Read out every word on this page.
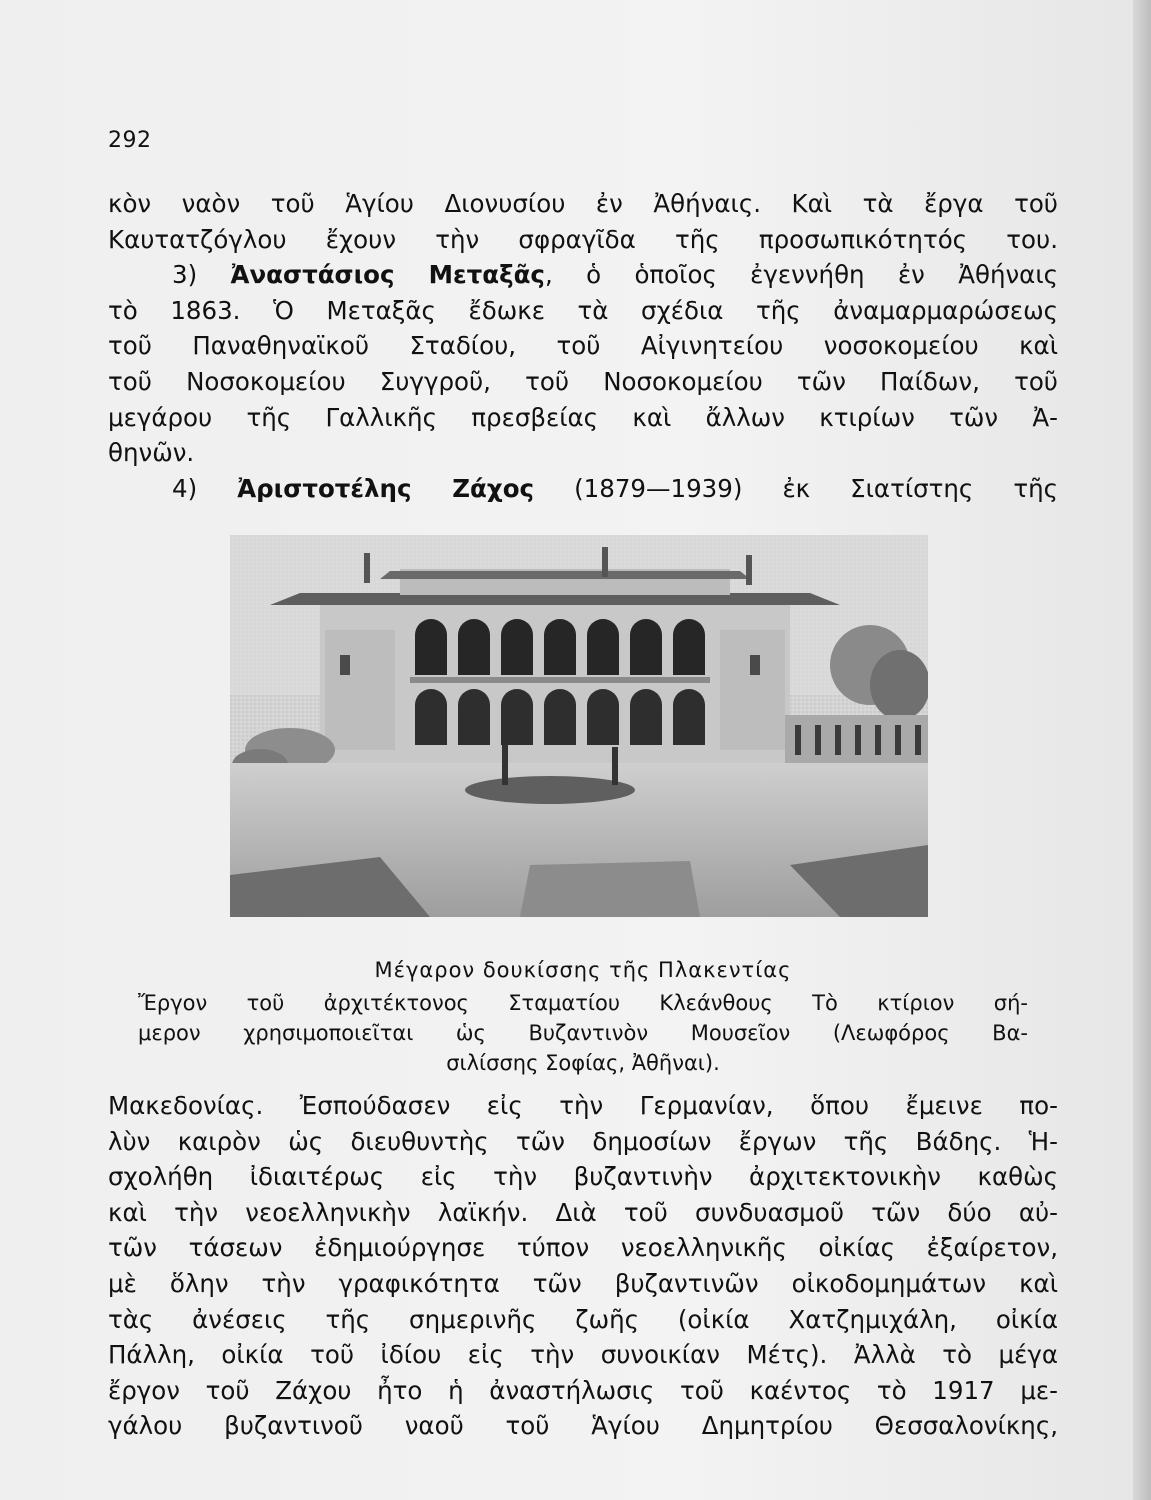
292
κὸν ναὸν τοῦ Ἁγίου Διονυσίου ἐν Ἀθήναις. Καὶ τὰ ἔργα τοῦ
Καυτατζόγλου ἔχουν τὴν σφραγῖδα τῆς προσωπικότητός του.
3) Ἀναστάσιος Μεταξᾶς, ὁ ὁποῖος ἐγεννήθη ἐν Ἀθήναις
τὸ 1863. Ὁ Μεταξᾶς ἔδωκε τὰ σχέδια τῆς ἀναμαρμαρώσεως
τοῦ Παναθηναϊκοῦ Σταδίου, τοῦ Αἰγινητείου νοσοκομείου καὶ
τοῦ Νοσοκομείου Συγγροῦ, τοῦ Νοσοκομείου τῶν Παίδων, τοῦ
μεγάρου τῆς Γαλλικῆς πρεσβείας καὶ ἄλλων κτιρίων τῶν Ἀ-
θηνῶν.
4) Ἀριστοτέλης Ζάχος (1879—1939) ἐκ Σιατίστης τῆς
Μέγαρον δουκίσσης τῆς Πλακεντίας
Ἔργον τοῦ ἀρχιτέκτονος Σταματίου Κλεάνθους Τὸ κτίριον σή-
μερον χρησιμοποιεῖται ὡς Βυζαντινὸν Μουσεῖον (Λεωφόρος Βα-
σιλίσσης Σοφίας, Ἀθῆναι).
Μακεδονίας. Ἐσπούδασεν εἰς τὴν Γερμανίαν, ὅπου ἔμεινε πο-
λὺν καιρὸν ὡς διευθυντὴς τῶν δημοσίων ἔργων τῆς Βάδης. Ἡ-
σχολήθη ἰδιαιτέρως εἰς τὴν βυζαντινὴν ἀρχιτεκτονικὴν καθὼς
καὶ τὴν νεοελληνικὴν λαϊκήν. Διὰ τοῦ συνδυασμοῦ τῶν δύο αὐ-
τῶν τάσεων ἐδημιούργησε τύπον νεοελληνικῆς οἰκίας ἐξαίρετον,
μὲ ὅλην τὴν γραφικότητα τῶν βυζαντινῶν οἰκοδομημάτων καὶ
τὰς ἀνέσεις τῆς σημερινῆς ζωῆς (οἰκία Χατζημιχάλη, οἰκία
Πάλλη, οἰκία τοῦ ἰδίου εἰς τὴν συνοικίαν Μέτς). Ἀλλὰ τὸ μέγα
ἔργον τοῦ Ζάχου ἦτο ἡ ἀναστήλωσις τοῦ καέντος τὸ 1917 με-
γάλου βυζαντινοῦ ναοῦ τοῦ Ἁγίου Δημητρίου Θεσσαλονίκης,
